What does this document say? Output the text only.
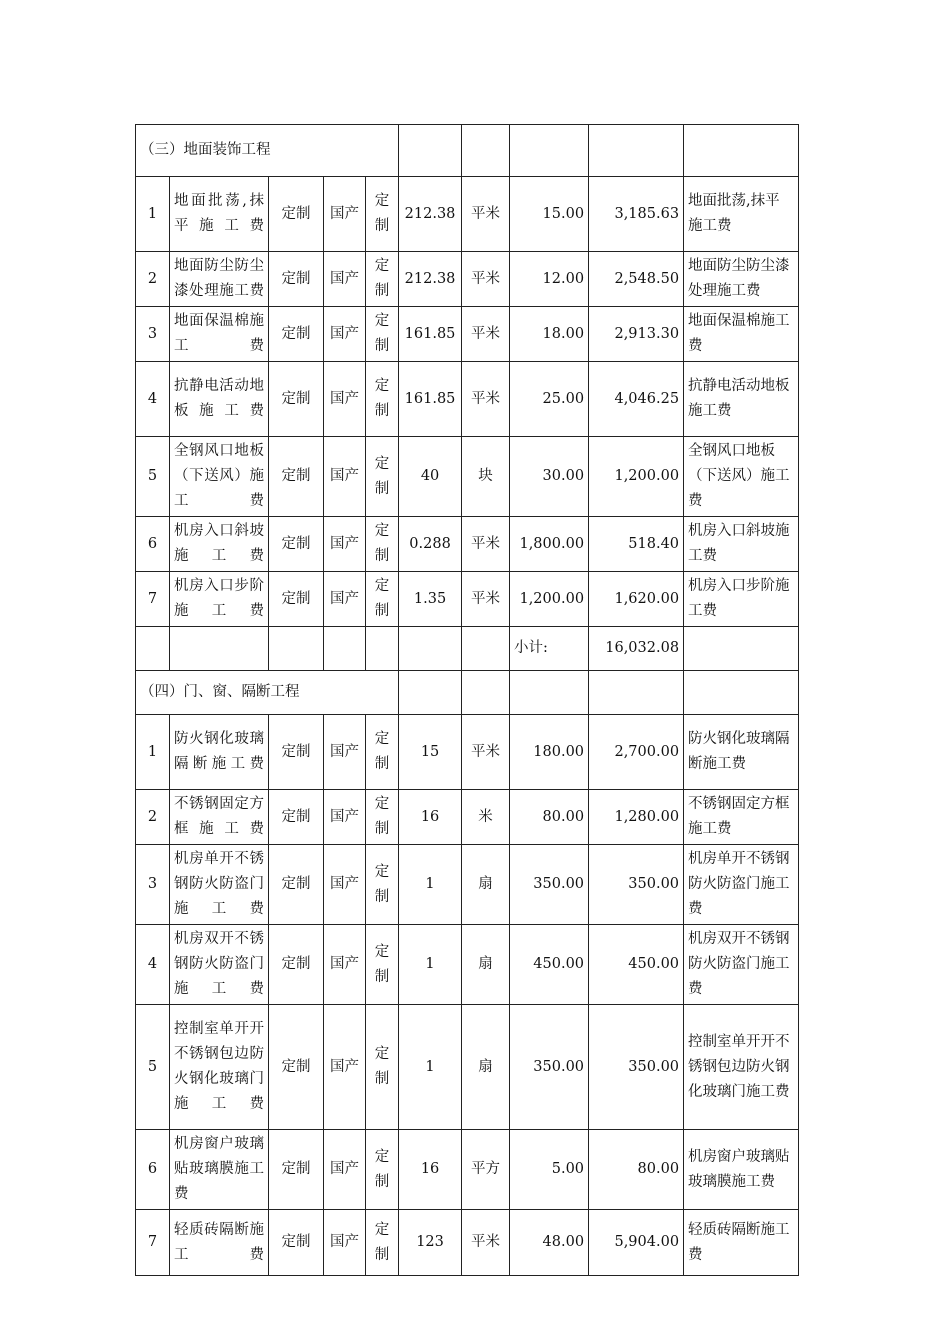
（三）地面装饰工程									
1	地面批荡,抹平施工费	定制	国产	定制	212.38	平米	15.00	3,185.63	地面批荡,抹平施工费
2	地面防尘防尘漆处理施工费	定制	国产	定制	212.38	平米	12.00	2,548.50	地面防尘防尘漆处理施工费
3	地面保温棉施工费	定制	国产	定制	161.85	平米	18.00	2,913.30	地面保温棉施工费
4	抗静电活动地板施工费	定制	国产	定制	161.85	平米	25.00	4,046.25	抗静电活动地板施工费
5	全钢风口地板（下送风）施工费	定制	国产	定制	40	块	30.00	1,200.00	全钢风口地板（下送风）施工费
6	机房入口斜坡施工费	定制	国产	定制	0.288	平米	1,800.00	518.40	机房入口斜坡施工费
7	机房入口步阶施工费	定制	国产	定制	1.35	平米	1,200.00	1,620.00	机房入口步阶施工费
							小计:	16,032.08	
（四）门、窗、隔断工程									
1	防火钢化玻璃隔断施工费	定制	国产	定制	15	平米	180.00	2,700.00	防火钢化玻璃隔断施工费
2	不锈钢固定方框施工费	定制	国产	定制	16	米	80.00	1,280.00	不锈钢固定方框施工费
3	机房单开不锈钢防火防盗门施工费	定制	国产	定制	1	扇	350.00	350.00	机房单开不锈钢防火防盗门施工费
4	机房双开不锈钢防火防盗门施工费	定制	国产	定制	1	扇	450.00	450.00	机房双开不锈钢防火防盗门施工费
5	控制室单开开不锈钢包边防火钢化玻璃门施工费	定制	国产	定制	1	扇	350.00	350.00	控制室单开开不锈钢包边防火钢化玻璃门施工费
6	机房窗户玻璃贴玻璃膜施工费	定制	国产	定制	16	平方	5.00	80.00	机房窗户玻璃贴玻璃膜施工费
7	轻质砖隔断施工费	定制	国产	定制	123	平米	48.00	5,904.00	轻质砖隔断施工费
